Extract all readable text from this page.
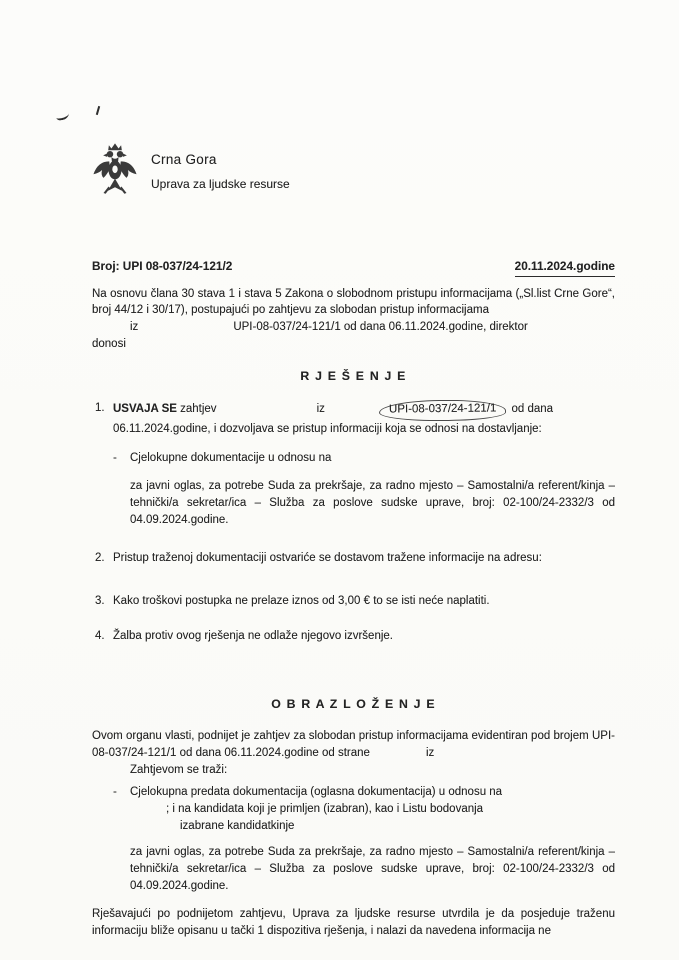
Crna Gora
Uprava za ljudske resurse
Broj: UPI 08-037/24-121/2	20.11.2024.godine

Na osnovu člana 30 stava 1 i stava 5 Zakona o slobodnom pristupu informacijama („Sl.list Crne Gore“, broj 44/12 i 30/17), postupajući po zahtjevu za slobodan pristup informacijama

iz	UPI-08-037/24-121/1 od dana 06.11.2024.godine, direktor

donosi

R J E Š E N J E
1. USVAJA SE zahtjev	iz	UPI-08-037/24-121/1 od dana

06.11.2024.godine, i dozvoljava se pristup informaciji koja se odnosi na dostavljanje:

-	Cjelokupne dokumentacije u odnosu na

za javni oglas, za potrebe Suda za prekršaje, za radno mjesto – Samostalni/a referent/kinja – tehnički/a sekretar/ica – Služba za poslove sudske uprave, broj: 02-100/24-2332/3 od 04.09.2024.godine.

2. Pristup traženoj dokumentaciji ostvariće se dostavom tražene informacije na adresu:

3. Kako troškovi postupka ne prelaze iznos od 3,00 € to se isti neće naplatiti.

4. Žalba protiv ovog rješenja ne odlaže njegovo izvršenje.

O B R A Z L O Ž E N J E

Ovom organu vlasti, podnijet je zahtjev za slobodan pristup informacijama evidentiran pod brojem UPI-08-037/24-121/1 od dana 06.11.2024.godine od strane	iz

Zahtjevom se traži:

-	Cjelokupna predata dokumentacija (oglasna dokumentacija) u odnosu na

; i na kandidata koji je primljen (izabran), kao i Listu bodovanja

izabrane kandidatkinje

za javni oglas, za potrebe Suda za prekršaje, za radno mjesto – Samostalni/a referent/kinja – tehnički/a sekretar/ica – Služba za poslove sudske uprave, broj: 02-100/24-2332/3 od 04.09.2024.godine.

Rješavajući po podnijetom zahtjevu, Uprava za ljudske resurse utvrdila je da posjeduje traženu informaciju bliže opisanu u tački 1 dispozitiva rješenja, i nalazi da navedena informacija ne
